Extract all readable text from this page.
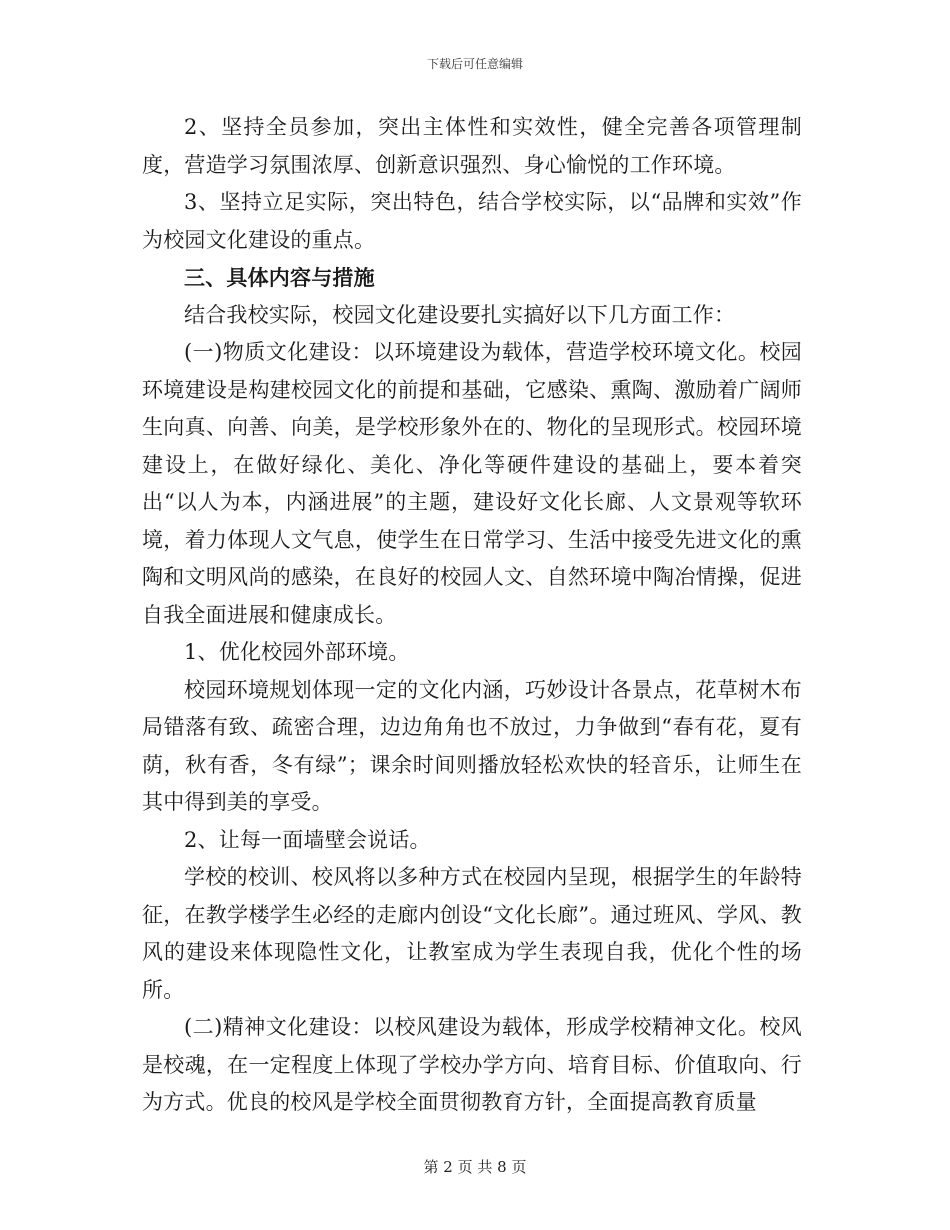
下载后可任意编辑

2、坚持全员参加，突出主体性和实效性，健全完善各项管理制度，营造学习氛围浓厚、创新意识强烈、身心愉悦的工作环境。

3、坚持立足实际，突出特色，结合学校实际，以“品牌和实效”作为校园文化建设的重点。

三、具体内容与措施

结合我校实际，校园文化建设要扎实搞好以下几方面工作：

(一)物质文化建设：以环境建设为载体，营造学校环境文化。校园环境建设是构建校园文化的前提和基础，它感染、熏陶、激励着广阔师生向真、向善、向美，是学校形象外在的、物化的呈现形式。校园环境建设上，在做好绿化、美化、净化等硬件建设的基础上，要本着突出“以人为本，内涵进展”的主题，建设好文化长廊、人文景观等软环境，着力体现人文气息，使学生在日常学习、生活中接受先进文化的熏陶和文明风尚的感染，在良好的校园人文、自然环境中陶冶情操，促进自我全面进展和健康成长。

1、优化校园外部环境。

校园环境规划体现一定的文化内涵，巧妙设计各景点，花草树木布局错落有致、疏密合理，边边角角也不放过，力争做到“春有花，夏有荫，秋有香，冬有绿”；课余时间则播放轻松欢快的轻音乐，让师生在其中得到美的享受。

2、让每一面墙壁会说话。

学校的校训、校风将以多种方式在校园内呈现，根据学生的年龄特征，在教学楼学生必经的走廊内创设“文化长廊”。通过班风、学风、教风的建设来体现隐性文化，让教室成为学生表现自我，优化个性的场所。

(二)精神文化建设：以校风建设为载体，形成学校精神文化。校风是校魂，在一定程度上体现了学校办学方向、培育目标、价值取向、行为方式。优良的校风是学校全面贯彻教育方针，全面提高教育质量

第 2 页 共 8 页
